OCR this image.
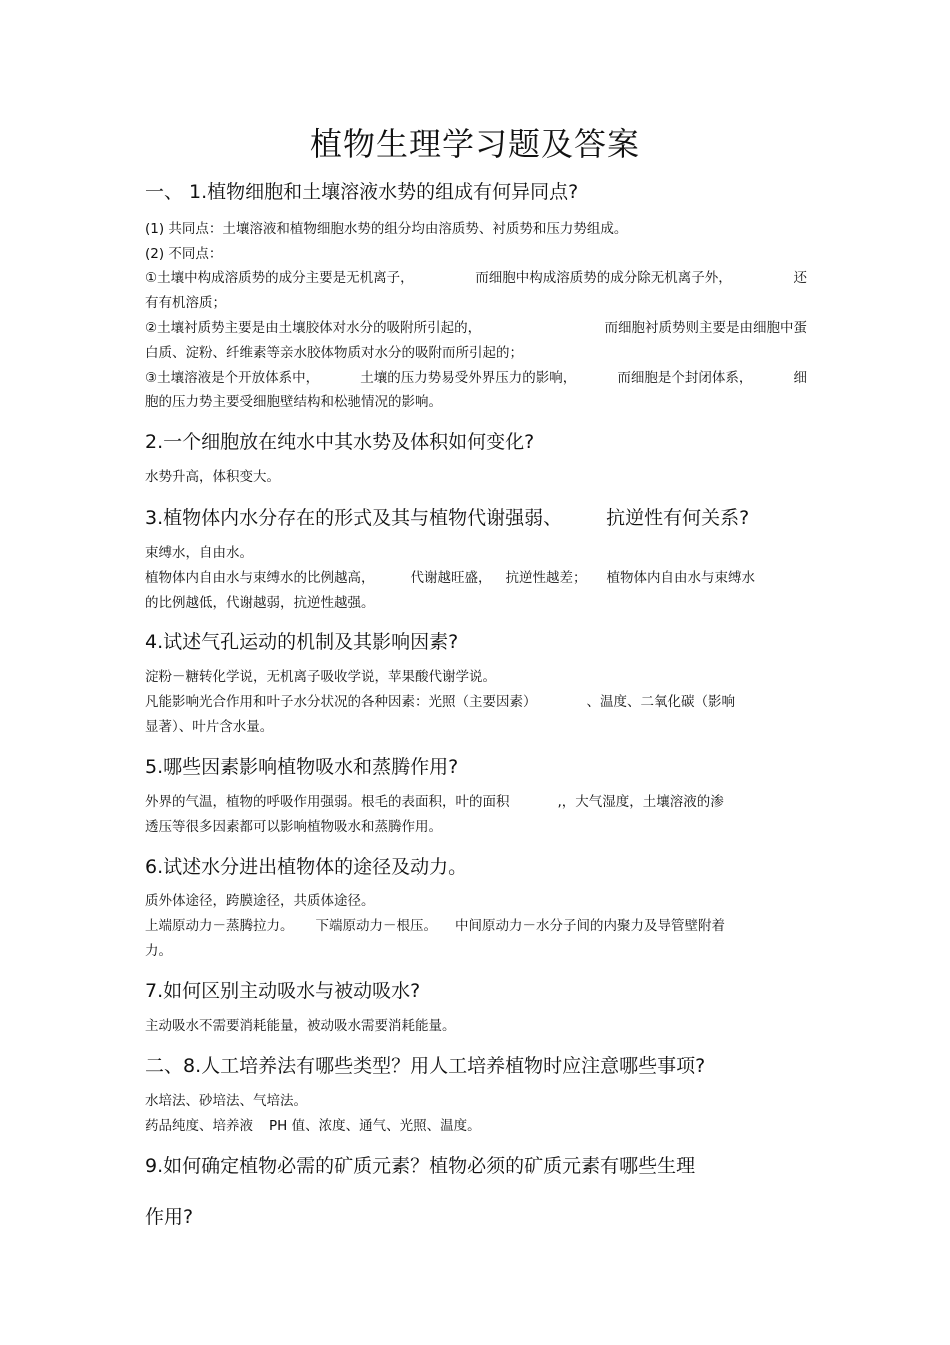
植物生理学习题及答案
一、 1.植物细胞和土壤溶液水势的组成有何异同点?
(1) 共同点：土壤溶液和植物细胞水势的组分均由溶质势、衬质势和压力势组成。
(2) 不同点：
①土壤中构成溶质势的成分主要是无机离子，	而细胞中构成溶质势的成分除无机离子外，	还
有有机溶质；
②土壤衬质势主要是由土壤胶体对水分的吸附所引起的，	而细胞衬质势则主要是由细胞中蛋
白质、淀粉、纤维素等亲水胶体物质对水分的吸附而所引起的；
③土壤溶液是个开放体系中，	土壤的压力势易受外界压力的影响，	而细胞是个封闭体系，	细
胞的压力势主要受细胞壁结构和松驰情况的影响。
2.一个细胞放在纯水中其水势及体积如何变化?
水势升高，体积变大。
3.植物体内水分存在的形式及其与植物代谢强弱、 抗逆性有何关系?
束缚水，自由水。
植物体内自由水与束缚水的比例越高，	代谢越旺盛， 抗逆性越差； 植物体内自由水与束缚水
的比例越低，代谢越弱，抗逆性越强。
4.试述气孔运动的机制及其影响因素?
淀粉－糖转化学说，无机离子吸收学说，苹果酸代谢学说。
凡能影响光合作用和叶子水分状况的各种因素：光照（主要因素）	、温度、二氧化碳（影响
显著）、叶片含水量。
5.哪些因素影响植物吸水和蒸腾作用?
外界的气温，植物的呼吸作用强弱。根毛的表面积，叶的面积	,，大气湿度，土壤溶液的渗
透压等很多因素都可以影响植物吸水和蒸腾作用。
6.试述水分进出植物体的途径及动力。
质外体途径，跨膜途径，共质体途径。
上端原动力－蒸腾拉力。 下端原动力－根压。 中间原动力－水分子间的内聚力及导管壁附着
力。
7.如何区别主动吸水与被动吸水?
主动吸水不需要消耗能量，被动吸水需要消耗能量。
二、8.人工培养法有哪些类型？用人工培养植物时应注意哪些事项?
水培法、砂培法、气培法。
药品纯度、培养液 PH 值、浓度、通气、光照、温度。
9.如何确定植物必需的矿质元素？植物必须的矿质元素有哪些生理
作用?
